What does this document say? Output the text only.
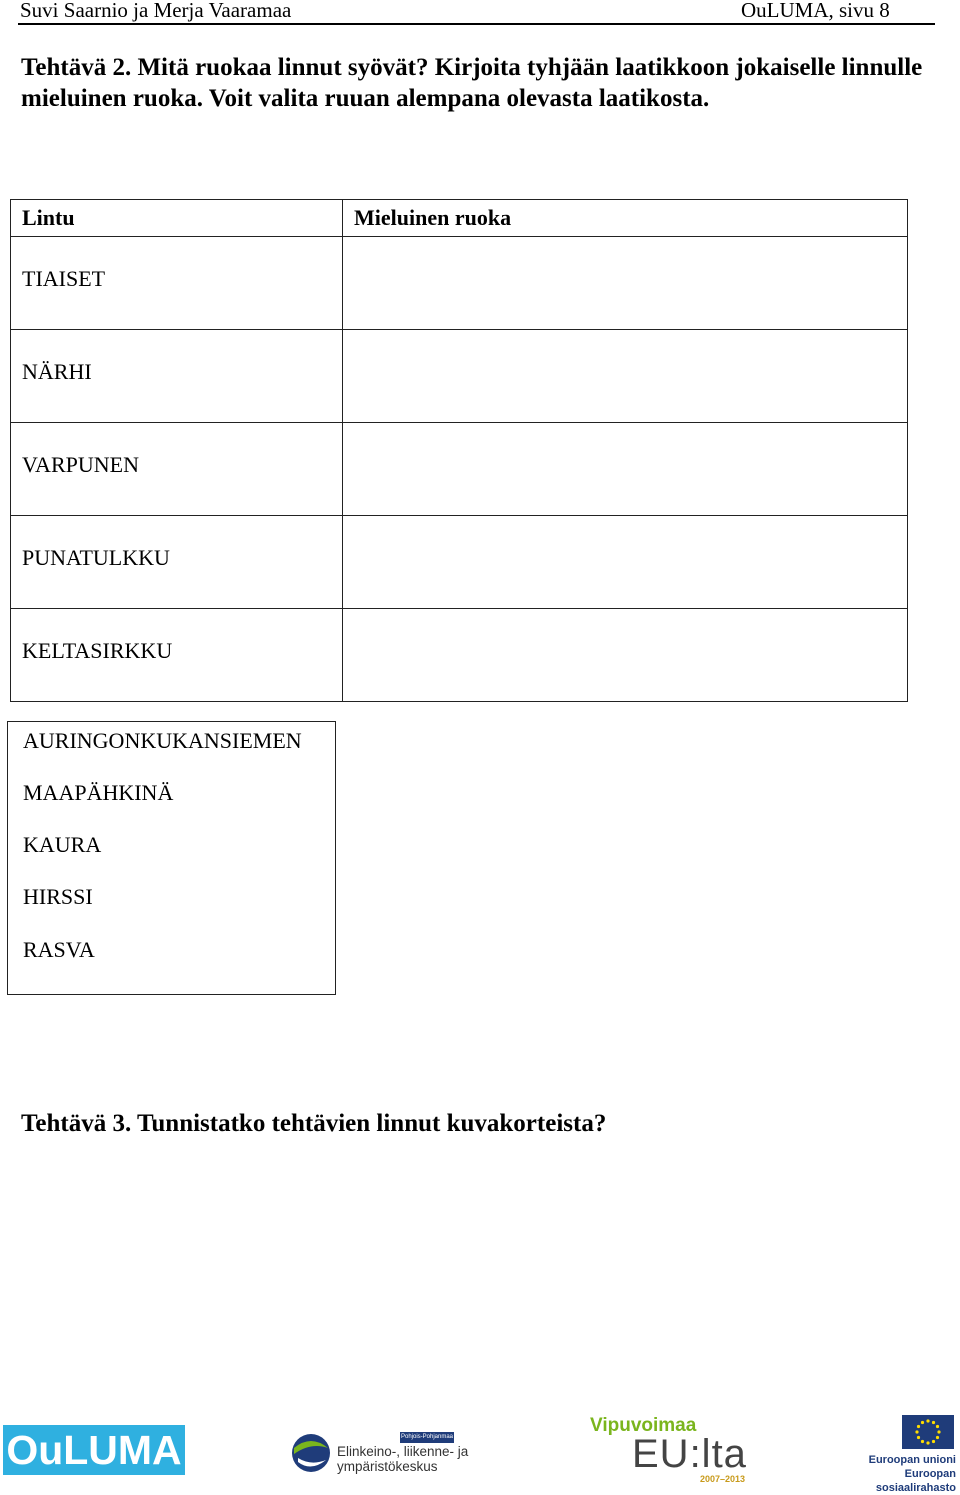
Suvi Saarnio ja Merja Vaaramaa	OuLUMA, sivu 8
Tehtävä 2. Mitä ruokaa linnut syövät? Kirjoita tyhjään laatikkoon jokaiselle linnulle mieluinen ruoka. Voit valita ruuan alempana olevasta laatikosta.
Lintu	Mieluinen ruoka
TIAISET	
NÄRHI	
VARPUNEN	
PUNATULKKU	
KELTASIRKKU	
AURINGONKUKANSIEMEN
MAAPÄHKINÄ
KAURA
HIRSSI
RASVA
Tehtävä 3. Tunnistatko tehtävien linnut kuvakorteista?
OuLUMA	Pohjois-Pohjanmaa
Elinkeino-, liikenne- ja
ympäristökeskus
Vipuvoimaa
EU:lta
2007–2013
Euroopan unioni
Euroopan sosiaalirahasto
